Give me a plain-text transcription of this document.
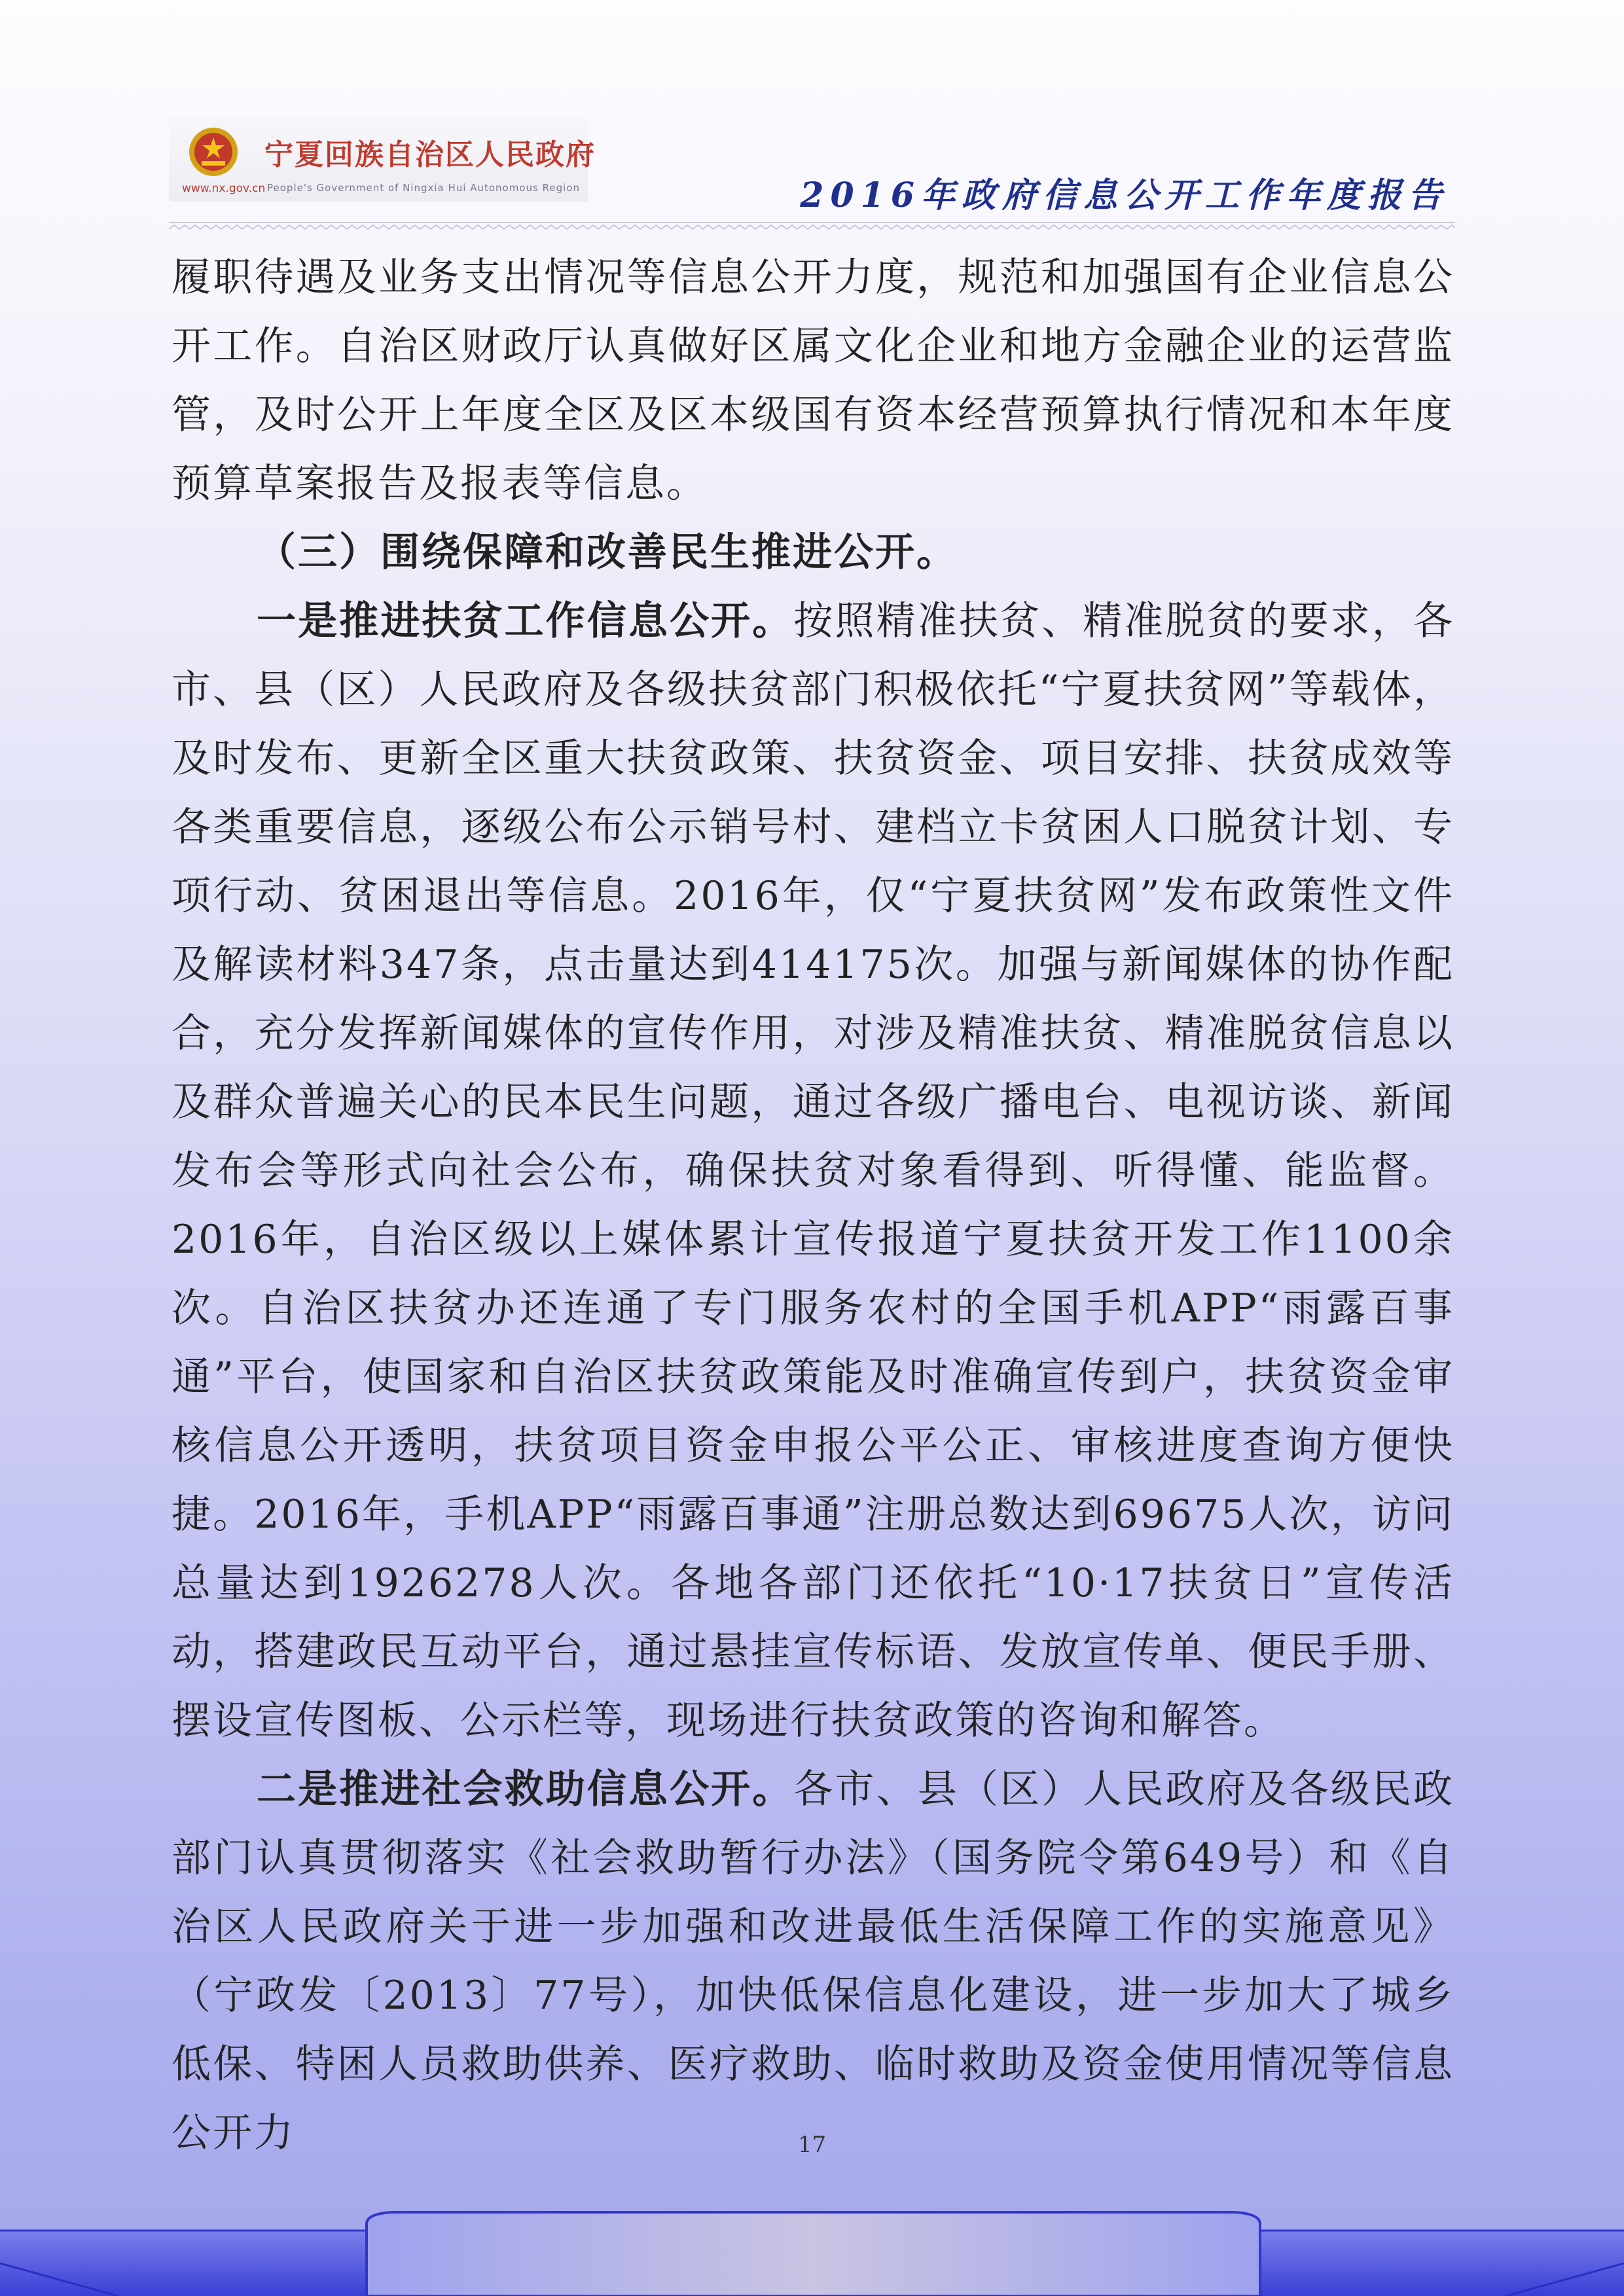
宁夏回族自治区人民政府
www.nx.gov.cn People's Government of Ningxia Hui Autonomous Region	2016年政府信息公开工作年度报告

履职待遇及业务支出情况等信息公开力度，规范和加强国有企业信息公开工作。自治区财政厅认真做好区属文化企业和地方金融企业的运营监管，及时公开上年度全区及区本级国有资本经营预算执行情况和本年度预算草案报告及报表等信息。

（三）围绕保障和改善民生推进公开。

一是推进扶贫工作信息公开。按照精准扶贫、精准脱贫的要求，各市、县（区）人民政府及各级扶贫部门积极依托“宁夏扶贫网”等载体，及时发布、更新全区重大扶贫政策、扶贫资金、项目安排、扶贫成效等各类重要信息，逐级公布公示销号村、建档立卡贫困人口脱贫计划、专项行动、贫困退出等信息。2016年，仅“宁夏扶贫网”发布政策性文件及解读材料347条，点击量达到414175次。加强与新闻媒体的协作配合，充分发挥新闻媒体的宣传作用，对涉及精准扶贫、精准脱贫信息以及群众普遍关心的民本民生问题，通过各级广播电台、电视访谈、新闻发布会等形式向社会公布，确保扶贫对象看得到、听得懂、能监督。2016年，自治区级以上媒体累计宣传报道宁夏扶贫开发工作1100余次。自治区扶贫办还连通了专门服务农村的全国手机APP“雨露百事通”平台，使国家和自治区扶贫政策能及时准确宣传到户，扶贫资金审核信息公开透明，扶贫项目资金申报公平公正、审核进度查询方便快捷。2016年，手机APP“雨露百事通”注册总数达到69675人次，访问总量达到1926278人次。各地各部门还依托“10·17扶贫日”宣传活动，搭建政民互动平台，通过悬挂宣传标语、发放宣传单、便民手册、摆设宣传图板、公示栏等，现场进行扶贫政策的咨询和解答。

二是推进社会救助信息公开。各市、县（区）人民政府及各级民政部门认真贯彻落实《社会救助暂行办法》（国务院令第649号）和《自治区人民政府关于进一步加强和改进最低生活保障工作的实施意见》（宁政发〔2013〕77号），加快低保信息化建设，进一步加大了城乡低保、特困人员救助供养、医疗救助、临时救助及资金使用情况等信息公开力	17
